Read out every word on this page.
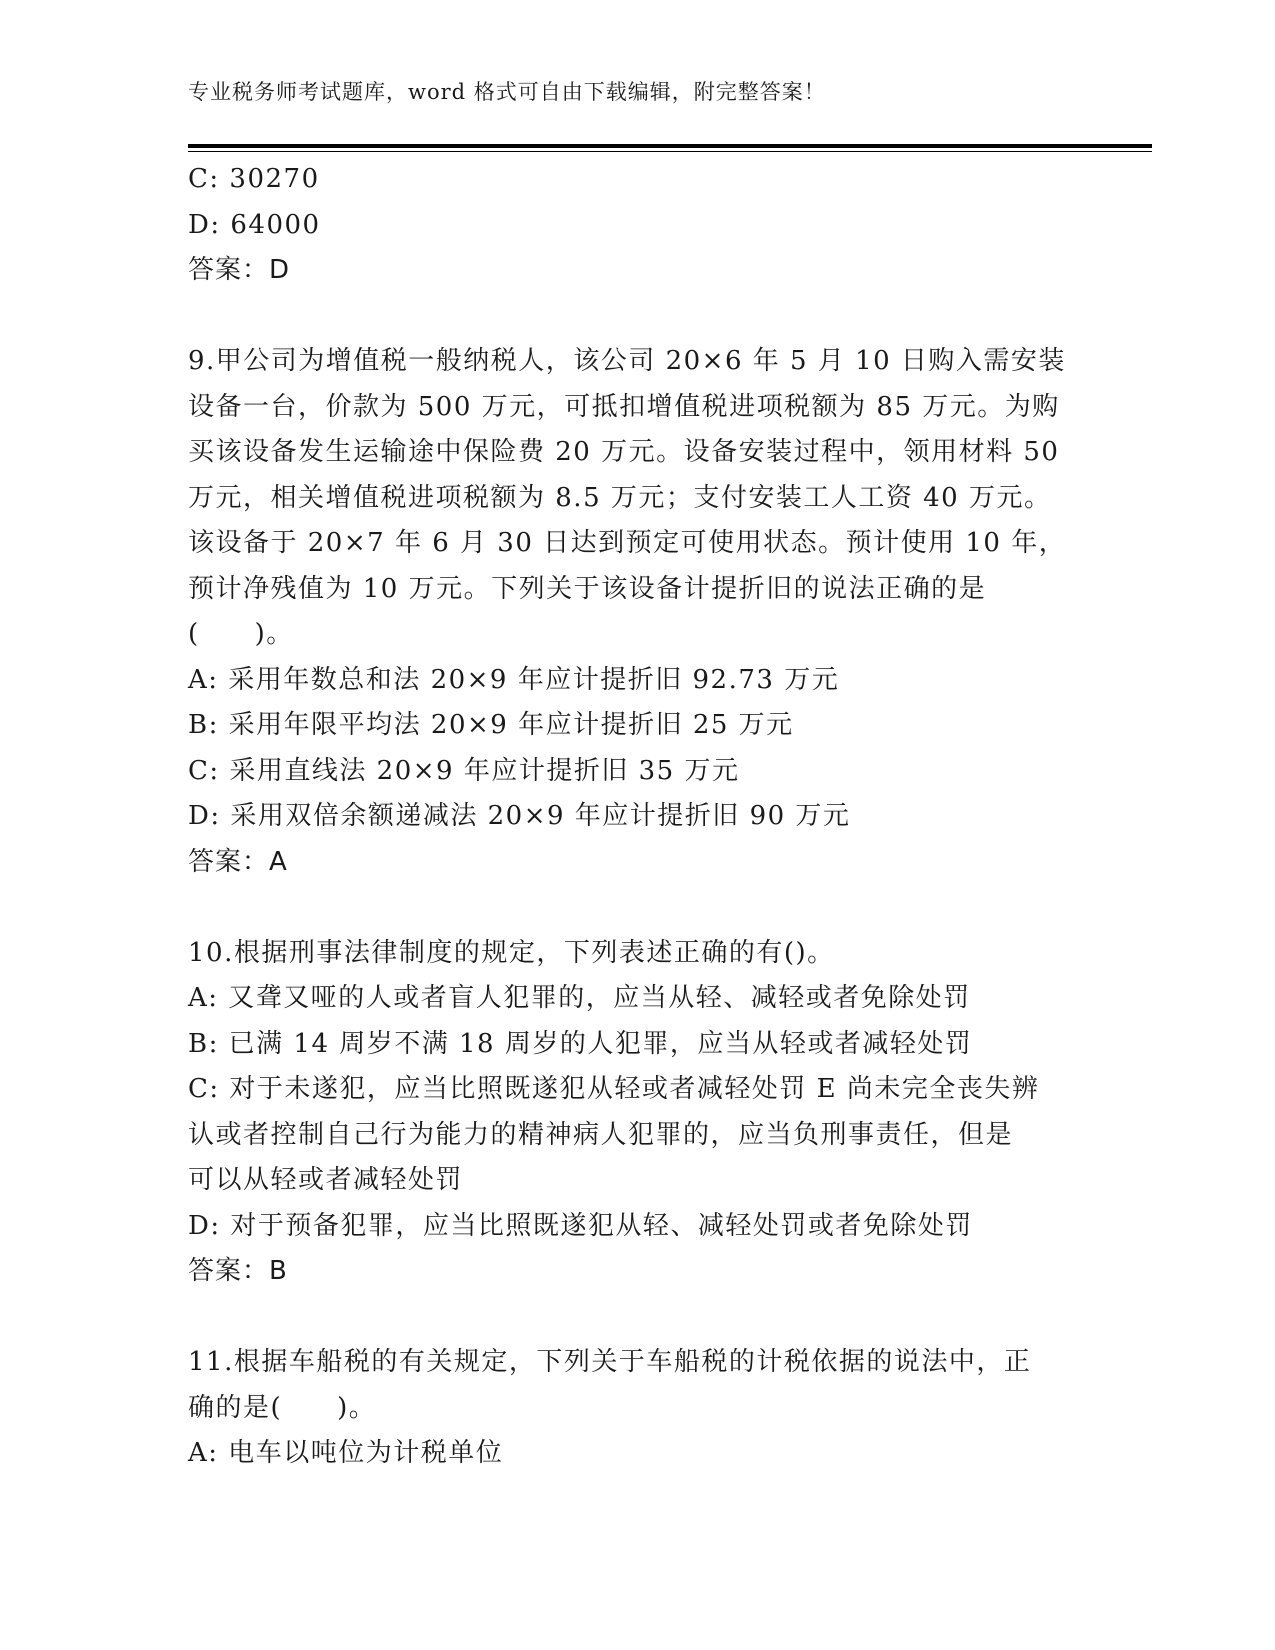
专业税务师考试题库，word 格式可自由下载编辑，附完整答案！
C: 30270
D: 64000
答案：D
9.甲公司为增值税一般纳税人，该公司 20×6 年 5 月 10 日购入需安装
设备一台，价款为 500 万元，可抵扣增值税进项税额为 85 万元。为购
买该设备发生运输途中保险费 20 万元。设备安装过程中，领用材料 50
万元，相关增值税进项税额为 8.5 万元；支付安装工人工资 40 万元。
该设备于 20×7 年 6 月 30 日达到预定可使用状态。预计使用 10 年，
预计净残值为 10 万元。下列关于该设备计提折旧的说法正确的是
(　　)。
A: 采用年数总和法 20×9 年应计提折旧 92.73 万元
B: 采用年限平均法 20×9 年应计提折旧 25 万元
C: 采用直线法 20×9 年应计提折旧 35 万元
D: 采用双倍余额递减法 20×9 年应计提折旧 90 万元
答案：A
10.根据刑事法律制度的规定，下列表述正确的有()。
A: 又聋又哑的人或者盲人犯罪的，应当从轻、减轻或者免除处罚
B: 已满 14 周岁不满 18 周岁的人犯罪，应当从轻或者减轻处罚
C: 对于未遂犯，应当比照既遂犯从轻或者减轻处罚 E 尚未完全丧失辨
认或者控制自己行为能力的精神病人犯罪的，应当负刑事责任，但是
可以从轻或者减轻处罚
D: 对于预备犯罪，应当比照既遂犯从轻、减轻处罚或者免除处罚
答案：B
11.根据车船税的有关规定，下列关于车船税的计税依据的说法中，正
确的是(　　)。
A: 电车以吨位为计税单位
